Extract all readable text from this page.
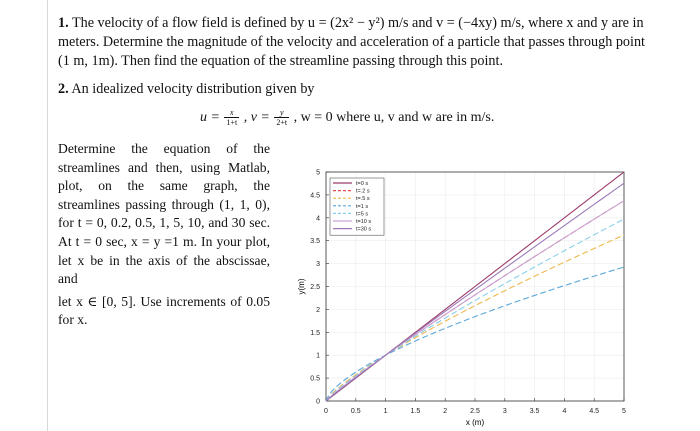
1. The velocity of a flow field is defined by u = (2x² − y²) m/s and v = (−4xy) m/s, where x and y are in meters. Determine the magnitude of the velocity and acceleration of a particle that passes through point (1 m, 1m). Then find the equation of the streamline passing through this point.
2. An idealized velocity distribution given by
$u = \frac{x}{1+t}$ , $v = \frac{y}{2+t}$ , w = 0 where u, v and w are in m/s.

Determine the equation of the streamlines and then, using Matlab, plot, on the same graph, the streamlines passing through (1, 1, 0), for t = 0, 0.2, 0.5, 1, 5, 10, and 30 sec. At t = 0 sec, x = y =1 m. In your plot, let x be in the axis of the abscissae, and

let x ∈ [0, 5]. Use increments of 0.05 for x.

0	0.5	1	1.5	2	2.5	3	3.5	4	4.5	5
0
0.5
1
1.5
2
2.5
3
3.5
4
4.5
5
t=0 s
t=.2 s
t=.5 s
t=1 s
t=5 s
t=10 s
t=30 s
x (m)
y(m)
